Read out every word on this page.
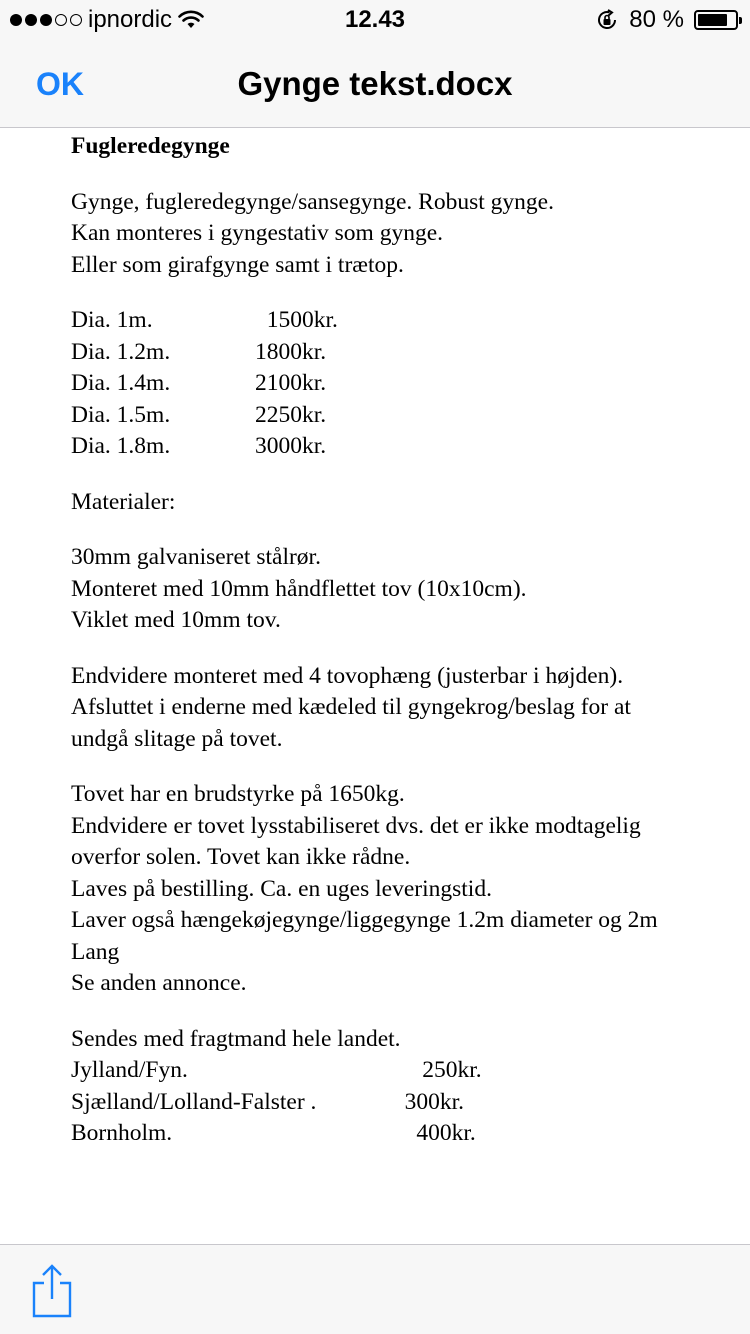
ipnordic	12.43	80 %
OK	Gynge tekst.docx

Fugleredegynge

Gynge, fugleredegynge/sansegynge. Robust gynge.

Kan monteres i gyngestativ som gynge.

Eller som girafgynge samt i trætop.

Dia. 1m.	1500kr.
Dia. 1.2m.	1800kr.
Dia. 1.4m.	2100kr.
Dia. 1.5m.	2250kr.
Dia. 1.8m.	3000kr.

Materialer:

30mm galvaniseret stålrør.

Monteret med 10mm håndflettet tov (10x10cm).

Viklet med 10mm tov.

Endvidere monteret med 4 tovophæng (justerbar i højden).

Afsluttet i enderne med kædeled til gyngekrog/beslag for at undgå slitage på tovet.

Tovet har en brudstyrke på 1650kg.

Endvidere er tovet lysstabiliseret dvs. det er ikke modtagelig

overfor solen. Tovet kan ikke rådne.

Laves på bestilling. Ca. en uges leveringstid.

Laver også hængekøjegynge/liggegynge 1.2m diameter og 2m Lang

Se anden annonce.

Sendes med fragtmand hele landet.

Jylland/Fyn.	250kr.
Sjælland/Lolland-Falster .	300kr.
Bornholm.	400kr.
